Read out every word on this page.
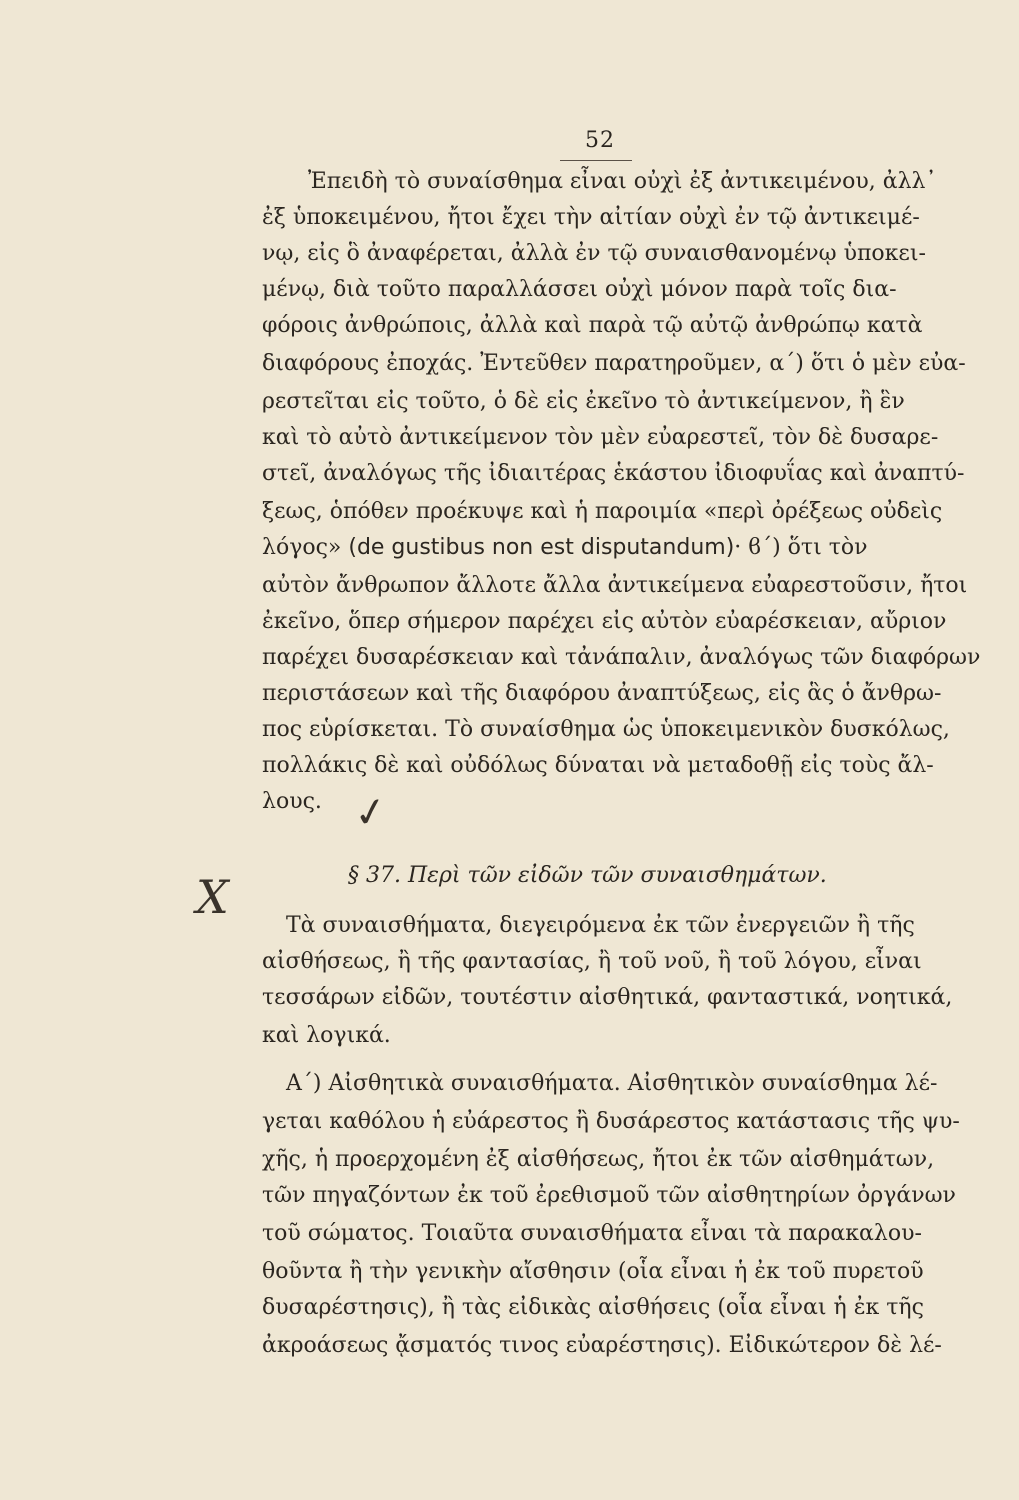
52
Ἐπειδὴ τὸ συναίσθημα εἶναι οὐχὶ ἐξ ἀντικειμένου, ἀλλ᾽
ἐξ ὑποκειμένου, ἤτοι ἔχει τὴν αἰτίαν οὐχὶ ἐν τῷ ἀντικειμέ-
νῳ, εἰς ὃ ἀναφέρεται, ἀλλὰ ἐν τῷ συναισθανομένῳ ὑποκει-
μένῳ, διὰ τοῦτο παραλλάσσει οὐχὶ μόνον παρὰ τοῖς δια-
φόροις ἀνθρώποις, ἀλλὰ καὶ παρὰ τῷ αὐτῷ ἀνθρώπῳ κατὰ
διαφόρους ἐποχάς. Ἐντεῦθεν παρατηροῦμεν, α΄) ὅτι ὁ μὲν εὐα-
ρεστεῖται εἰς τοῦτο, ὁ δὲ εἰς ἐκεῖνο τὸ ἀντικείμενον, ἢ ἓν
καὶ τὸ αὐτὸ ἀντικείμενον τὸν μὲν εὐαρεστεῖ, τὸν δὲ δυσαρε-
στεῖ, ἀναλόγως τῆς ἰδιαιτέρας ἑκάστου ἰδιοφυΐας καὶ ἀναπτύ-
ξεως, ὁπόθεν προέκυψε καὶ ἡ παροιμία «περὶ ὀρέξεως οὐδεὶς
λόγος» (de gustibus non est disputandum)· ϐ΄) ὅτι τὸν
αὐτὸν ἄνθρωπον ἄλλοτε ἄλλα ἀντικείμενα εὐαρεστοῦσιν, ἤτοι
ἐκεῖνο, ὅπερ σήμερον παρέχει εἰς αὐτὸν εὐαρέσκειαν, αὔριον
παρέχει δυσαρέσκειαν καὶ τἀνάπαλιν, ἀναλόγως τῶν διαφόρων
περιστάσεων καὶ τῆς διαφόρου ἀναπτύξεως, εἰς ἃς ὁ ἄνθρω-
πος εὑρίσκεται. Τὸ συναίσθημα ὡς ὑποκειμενικὸν δυσκόλως,
πολλάκις δὲ καὶ οὐδόλως δύναται νὰ μεταδοθῇ εἰς τοὺς ἄλ-
λους.
§ 37. Περὶ τῶν εἰδῶν τῶν συναισθημάτων.
Τὰ συναισθήματα, διεγειρόμενα ἐκ τῶν ἐνεργειῶν ἢ τῆς
αἰσθήσεως, ἢ τῆς φαντασίας, ἢ τοῦ νοῦ, ἢ τοῦ λόγου, εἶναι
τεσσάρων εἰδῶν, τουτέστιν αἰσθητικά, φανταστικά, νοητικά,
καὶ λογικά.
Α΄) Αἰσθητικὰ συναισθήματα. Αἰσθητικὸν συναίσθημα λέ-
γεται καθόλου ἡ εὐάρεστος ἢ δυσάρεστος κατάστασις τῆς ψυ-
χῆς, ἡ προερχομένη ἐξ αἰσθήσεως, ἤτοι ἐκ τῶν αἰσθημάτων,
τῶν πηγαζόντων ἐκ τοῦ ἐρεθισμοῦ τῶν αἰσθητηρίων ὀργάνων
τοῦ σώματος. Τοιαῦτα συναισθήματα εἶναι τὰ παρακαλου-
θοῦντα ἢ τὴν γενικὴν αἴσθησιν (οἷα εἶναι ἡ ἐκ τοῦ πυρετοῦ
δυσαρέστησις), ἢ τὰς εἰδικὰς αἰσθήσεις (οἷα εἶναι ἡ ἐκ τῆς
ἀκροάσεως ᾄσματός τινος εὐαρέστησις). Εἰδικώτερον δὲ λέ-
X
✓
